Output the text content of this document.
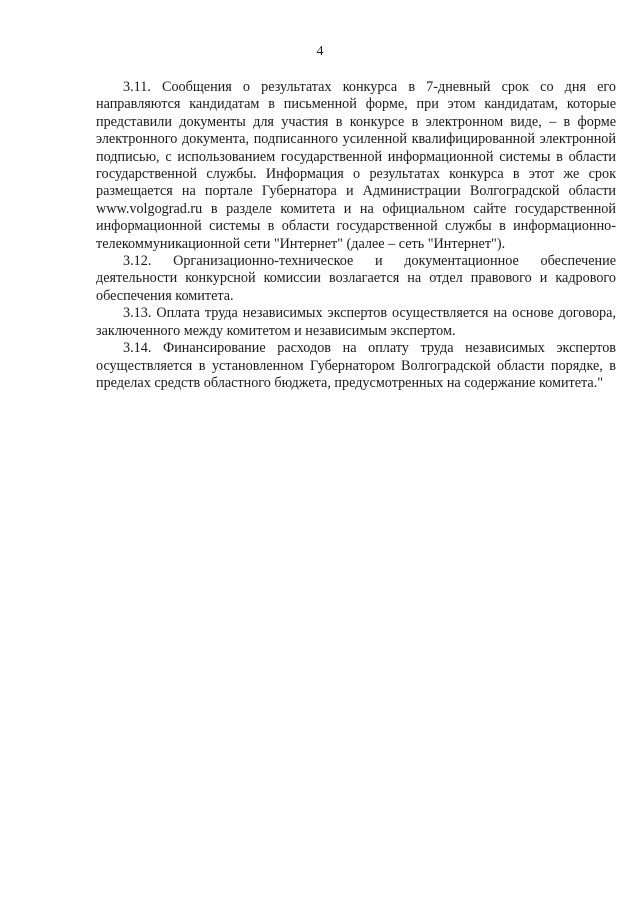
4

3.11. Сообщения о результатах конкурса в 7-дневный срок со дня его направляются кандидатам в письменной форме, при этом кандидатам, которые представили документы для участия в конкурсе в электронном виде, – в форме электронного документа, подписанного усиленной квалифицированной электронной подписью, с использованием государственной информационной системы в области государственной службы. Информация о результатах конкурса в этот же срок размещается на портале Губернатора и Администрации Волгоградской области www.volgograd.ru в разделе комитета и на официальном сайте государственной информационной системы в области государственной службы в информационно-телекоммуникационной сети "Интернет" (далее – сеть "Интернет").

3.12. Организационно-техническое и документационное обеспечение деятельности конкурсной комиссии возлагается на отдел правового и кадрового обеспечения комитета.

3.13. Оплата труда независимых экспертов осуществляется на основе договора, заключенного между комитетом и независимым экспертом.

3.14. Финансирование расходов на оплату труда независимых экспертов осуществляется в установленном Губернатором Волгоградской области порядке, в пределах средств областного бюджета, предусмотренных на содержание комитета."
